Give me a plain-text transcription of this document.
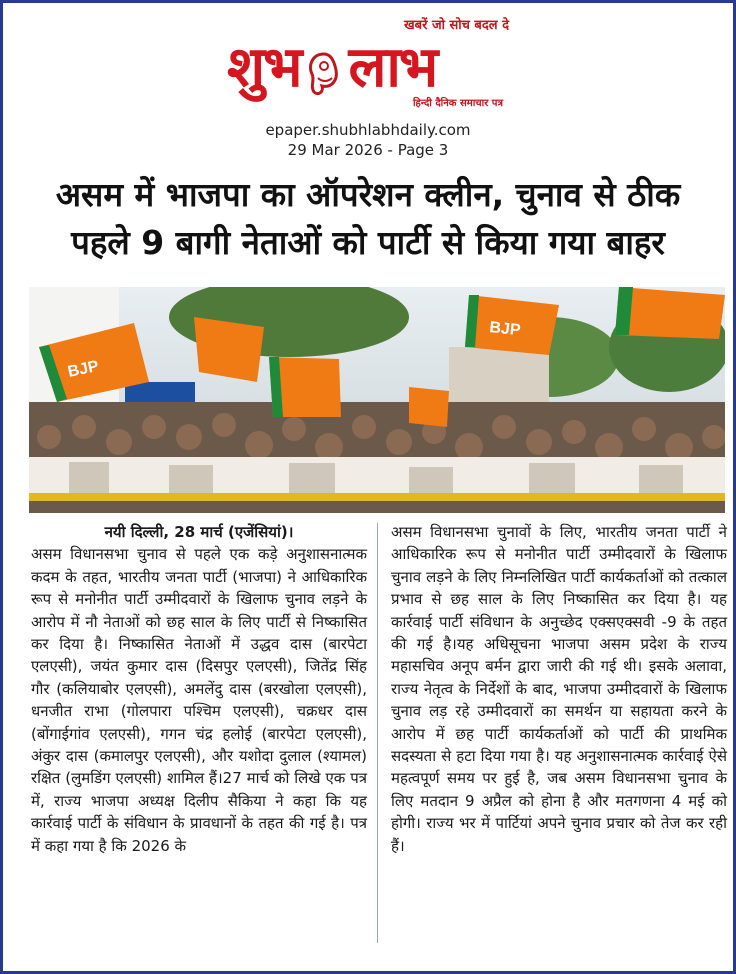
खबरें जो सोच बदल दे
शुभ लाभ
हिन्दी दैनिक समाचार पत्र
epaper.shubhlabhdaily.com
29 Mar 2026 - Page 3
असम में भाजपा का ऑपरेशन क्लीन, चुनाव से ठीक
पहले 9 बागी नेताओं को पार्टी से किया गया बाहर
BJP
BJP
नयी दिल्ली, 28 मार्च (एजेंसियां)।
असम विधानसभा चुनाव से पहले एक कड़े अनुशासनात्मक कदम के तहत, भारतीय जनता पार्टी (भाजपा) ने आधिकारिक रूप से मनोनीत पार्टी उम्मीदवारों के खिलाफ चुनाव लड़ने के आरोप में नौ नेताओं को छह साल के लिए पार्टी से निष्कासित कर दिया है। निष्कासित नेताओं में उद्धव दास (बारपेटा एलएसी), जयंत कुमार दास (दिसपुर एलएसी), जितेंद्र सिंह गौर (कलियाबोर एलएसी), अमलेंदु दास (बरखोला एलएसी), धनजीत राभा (गोलपारा पश्चिम एलएसी), चक्रधर दास (बोंगाईगांव एलएसी), गगन चंद्र हलोई (बारपेटा एलएसी), अंकुर दास (कमालपुर एलएसी), और यशोदा दुलाल (श्यामल) रक्षित (लुमडिंग एलएसी) शामिल हैं।27 मार्च को लिखे एक पत्र में, राज्य भाजपा अध्यक्ष दिलीप सैकिया ने कहा कि यह कार्रवाई पार्टी के संविधान के प्रावधानों के तहत की गई है। पत्र में कहा गया है कि 2026 के
असम विधानसभा चुनावों के लिए, भारतीय जनता पार्टी ने आधिकारिक रूप से मनोनीत पार्टी उम्मीदवारों के खिलाफ चुनाव लड़ने के लिए निम्नलिखित पार्टी कार्यकर्ताओं को तत्काल प्रभाव से छह साल के लिए निष्कासित कर दिया है। यह कार्रवाई पार्टी संविधान के अनुच्छेद एक्सएक्सवी -9 के तहत की गई है।यह अधिसूचना भाजपा असम प्रदेश के राज्य महासचिव अनूप बर्मन द्वारा जारी की गई थी। इसके अलावा, राज्य नेतृत्व के निर्देशों के बाद, भाजपा उम्मीदवारों के खिलाफ चुनाव लड़ रहे उम्मीदवारों का समर्थन या सहायता करने के आरोप में छह पार्टी कार्यकर्ताओं को पार्टी की प्राथमिक सदस्यता से हटा दिया गया है। यह अनुशासनात्मक कार्रवाई ऐसे महत्वपूर्ण समय पर हुई है, जब असम विधानसभा चुनाव के लिए मतदान 9 अप्रैल को होना है और मतगणना 4 मई को होगी। राज्य भर में पार्टियां अपने चुनाव प्रचार को तेज कर रही हैं।
